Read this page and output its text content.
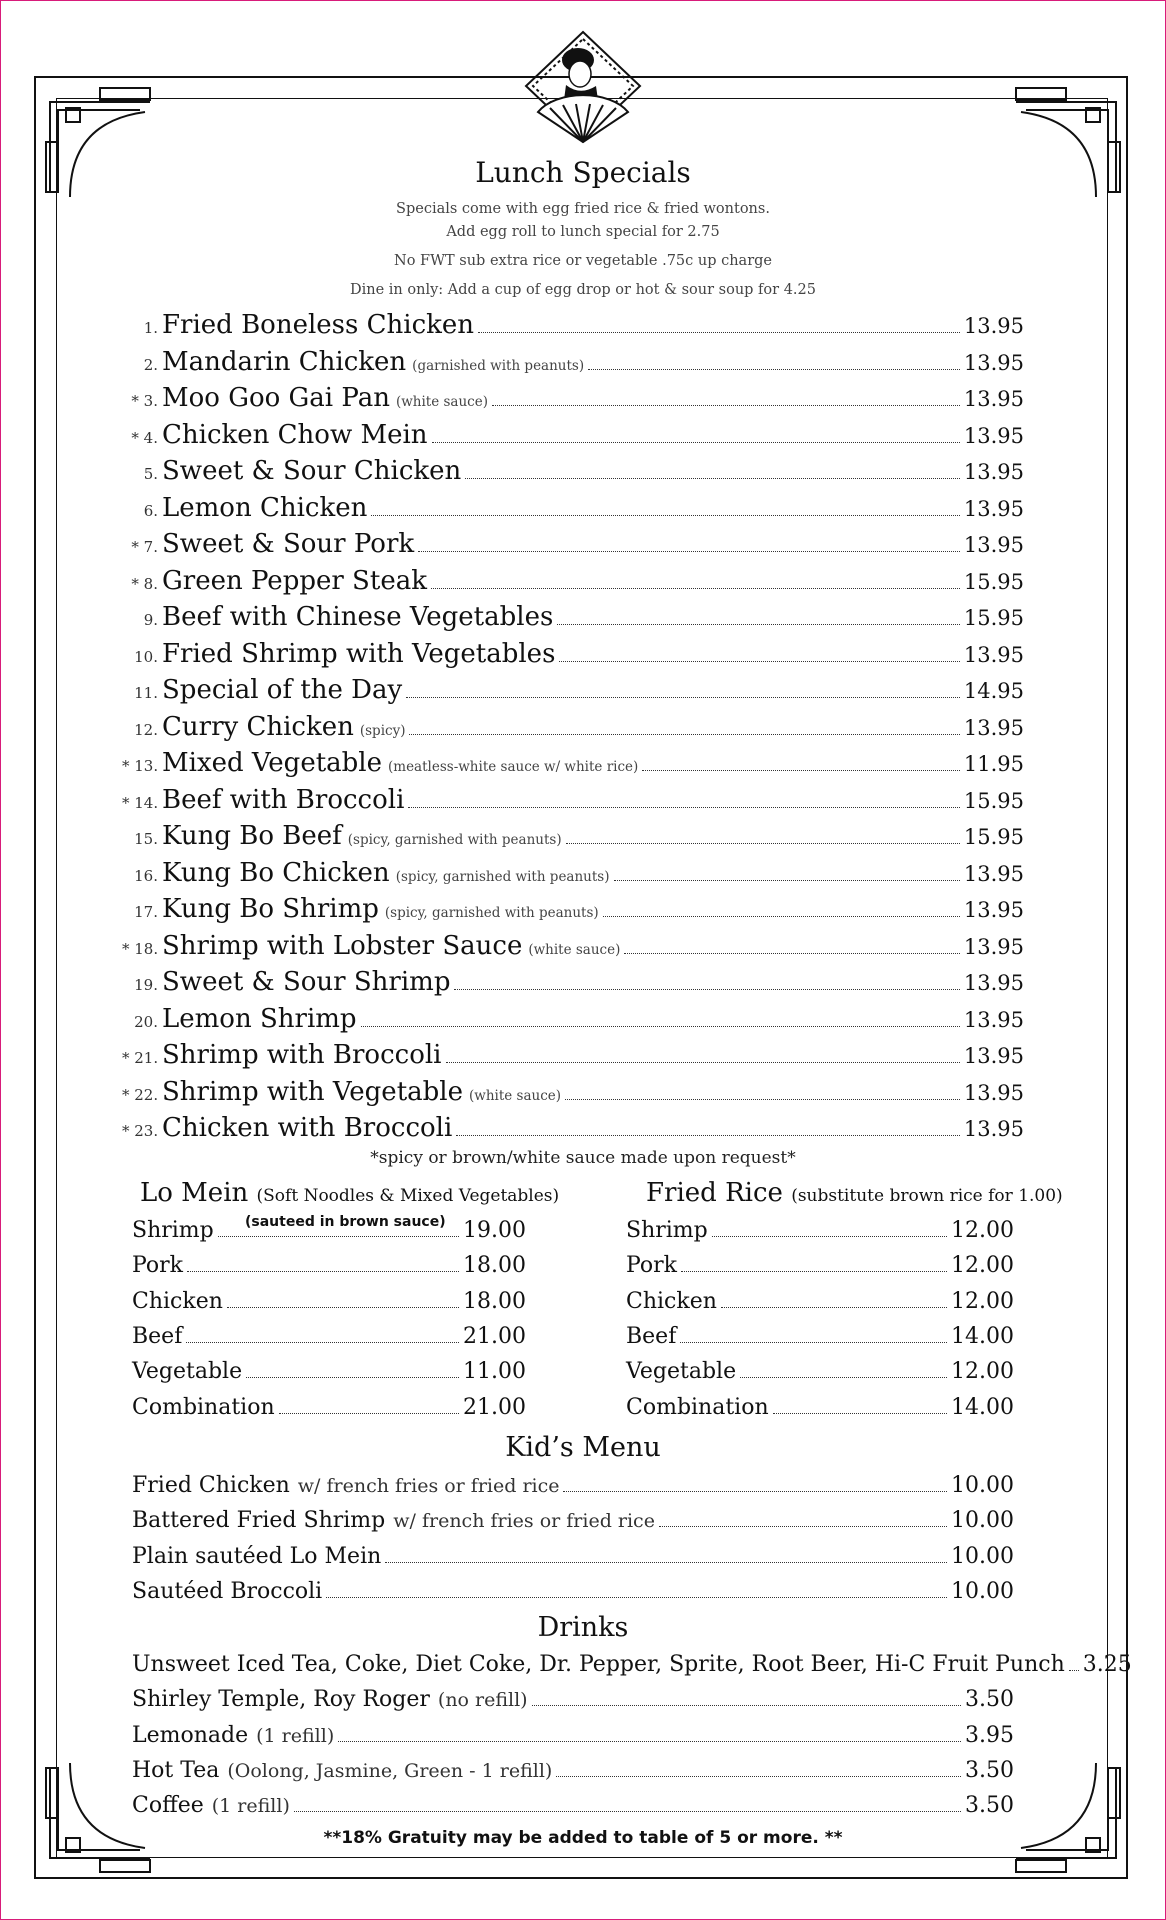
Lunch Specials
Specials come with egg fried rice & fried wontons.
Add egg roll to lunch special for 2.75
No FWT sub extra rice or vegetable .75c up charge
Dine in only: Add a cup of egg drop or hot & sour soup for 4.25
1. Fried Boneless Chicken	13.95
2. Mandarin Chicken (garnished with peanuts)	13.95
* 3. Moo Goo Gai Pan (white sauce)	13.95
* 4. Chicken Chow Mein	13.95
5. Sweet & Sour Chicken	13.95
6. Lemon Chicken	13.95
* 7. Sweet & Sour Pork	13.95
* 8. Green Pepper Steak	15.95
9. Beef with Chinese Vegetables	15.95
10. Fried Shrimp with Vegetables	13.95
11. Special of the Day	14.95
12. Curry Chicken (spicy)	13.95
* 13. Mixed Vegetable (meatless-white sauce w/ white rice)	11.95
* 14. Beef with Broccoli	15.95
15. Kung Bo Beef (spicy, garnished with peanuts)	15.95
16. Kung Bo Chicken (spicy, garnished with peanuts)	13.95
17. Kung Bo Shrimp (spicy, garnished with peanuts)	13.95
* 18. Shrimp with Lobster Sauce (white sauce)	13.95
19. Sweet & Sour Shrimp	13.95
20. Lemon Shrimp	13.95
* 21. Shrimp with Broccoli	13.95
* 22. Shrimp with Vegetable (white sauce)	13.95
* 23. Chicken with Broccoli	13.95
*spicy or brown/white sauce made upon request*
Lo Mein (Soft Noodles & Mixed Vegetables)
(sauteed in brown sauce)
Shrimp	19.00
Pork	18.00
Chicken	18.00
Beef	21.00
Vegetable	11.00
Combination	21.00
Fried Rice (substitute brown rice for 1.00)
Shrimp	12.00
Pork	12.00
Chicken	12.00
Beef	14.00
Vegetable	12.00
Combination	14.00
Kid’s Menu
Fried Chicken w/ french fries or fried rice	10.00
Battered Fried Shrimp w/ french fries or fried rice	10.00
Plain sautéed Lo Mein	10.00
Sautéed Broccoli	10.00
Drinks
Unsweet Iced Tea, Coke, Diet Coke, Dr. Pepper, Sprite, Root Beer, Hi-C Fruit Punch 3.25
Shirley Temple, Roy Roger (no refill)	3.50
Lemonade (1 refill)	3.95
Hot Tea (Oolong, Jasmine, Green - 1 refill)	3.50
Coffee (1 refill)	3.50
**18% Gratuity may be added to table of 5 or more. **
